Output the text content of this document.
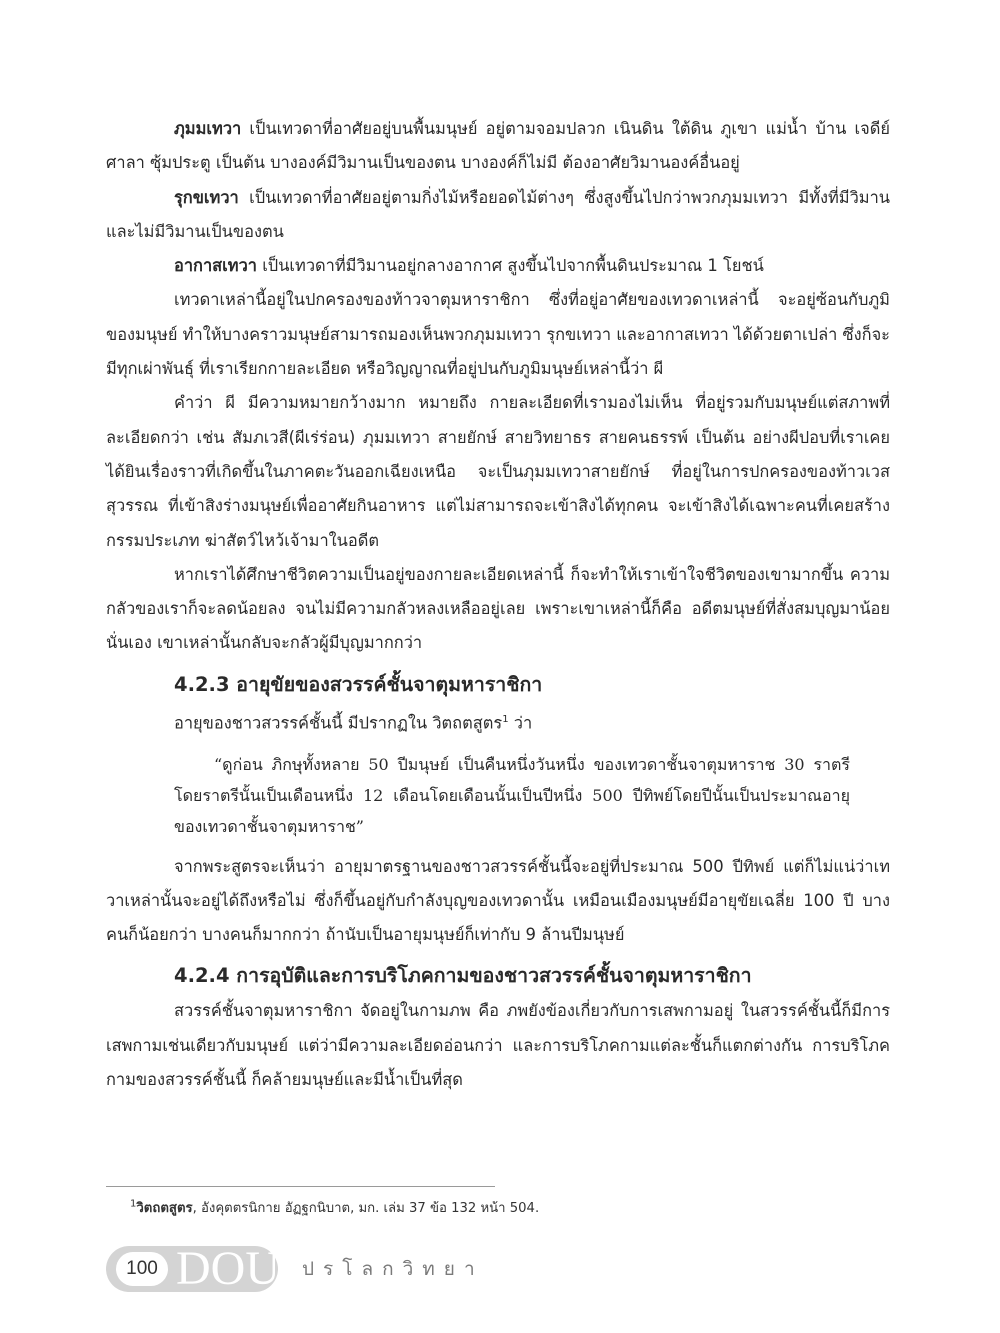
ภุมมเทวา เป็นเทวดาที่อาศัยอยู่บนพื้นมนุษย์ อยู่ตามจอมปลวก เนินดิน ใต้ดิน ภูเขา แม่น้ำ บ้าน เจดีย์ ศาลา ซุ้มประตู เป็นต้น บางองค์มีวิมานเป็นของตน บางองค์ก็ไม่มี ต้องอาศัยวิมานองค์อื่นอยู่

รุกขเทวา เป็นเทวดาที่อาศัยอยู่ตามกิ่งไม้หรือยอดไม้ต่างๆ ซึ่งสูงขึ้นไปกว่าพวกภุมมเทวา มีทั้งที่มีวิมานและไม่มีวิมานเป็นของตน

อากาสเทวา เป็นเทวดาที่มีวิมานอยู่กลางอากาศ สูงขึ้นไปจากพื้นดินประมาณ 1 โยชน์

เทวดาเหล่านี้อยู่ในปกครองของท้าวจาตุมหาราชิกา ซึ่งที่อยู่อาศัยของเทวดาเหล่านี้ จะอยู่ซ้อนกับภูมิของมนุษย์ ทำให้บางคราวมนุษย์สามารถมองเห็นพวกภุมมเทวา รุกขเทวา และอากาสเทวา ได้ด้วยตาเปล่า ซึ่งก็จะมีทุกเผ่าพันธุ์ ที่เราเรียกกายละเอียด หรือวิญญาณที่อยู่ปนกับภูมิมนุษย์เหล่านี้ว่า ผี

คำว่า ผี มีความหมายกว้างมาก หมายถึง กายละเอียดที่เรามองไม่เห็น ที่อยู่รวมกับมนุษย์แต่สภาพที่ละเอียดกว่า เช่น สัมภเวสี(ผีเร่ร่อน) ภุมมเทวา สายยักษ์ สายวิทยาธร สายคนธรรพ์ เป็นต้น อย่างผีปอบที่เราเคยได้ยินเรื่องราวที่เกิดขึ้นในภาคตะวันออกเฉียงเหนือ จะเป็นภุมมเทวาสายยักษ์ ที่อยู่ในการปกครองของท้าวเวสสุวรรณ ที่เข้าสิงร่างมนุษย์เพื่ออาศัยกินอาหาร แต่ไม่สามารถจะเข้าสิงได้ทุกคน จะเข้าสิงได้เฉพาะคนที่เคยสร้างกรรมประเภท ฆ่าสัตว์ไหว้เจ้ามาในอดีต

หากเราได้ศึกษาชีวิตความเป็นอยู่ของกายละเอียดเหล่านี้ ก็จะทำให้เราเข้าใจชีวิตของเขามากขึ้น ความกลัวของเราก็จะลดน้อยลง จนไม่มีความกลัวหลงเหลืออยู่เลย เพราะเขาเหล่านี้ก็คือ อดีตมนุษย์ที่สั่งสมบุญมาน้อยนั่นเอง เขาเหล่านั้นกลับจะกลัวผู้มีบุญมากกว่า

4.2.3 อายุขัยของสวรรค์ชั้นจาตุมหาราชิกา

อายุของชาวสวรรค์ชั้นนี้ มีปรากฏใน วิตถตสูตร$^1$ ว่า

“ดูก่อน ภิกษุทั้งหลาย 50 ปีมนุษย์ เป็นคืนหนึ่งวันหนึ่ง ของเทวดาชั้นจาตุมหาราช 30 ราตรีโดยราตรีนั้นเป็นเดือนหนึ่ง 12 เดือนโดยเดือนนั้นเป็นปีหนึ่ง 500 ปีทิพย์โดยปีนั้นเป็นประมาณอายุของเทวดาชั้นจาตุมหาราช”

จากพระสูตรจะเห็นว่า อายุมาตรฐานของชาวสวรรค์ชั้นนี้จะอยู่ที่ประมาณ 500 ปีทิพย์ แต่ก็ไม่แน่ว่าเทวาเหล่านั้นจะอยู่ได้ถึงหรือไม่ ซึ่งก็ขึ้นอยู่กับกำลังบุญของเทวดานั้น เหมือนเมืองมนุษย์มีอายุขัยเฉลี่ย 100 ปี บางคนก็น้อยกว่า บางคนก็มากกว่า ถ้านับเป็นอายุมนุษย์ก็เท่ากับ 9 ล้านปีมนุษย์

4.2.4 การอุบัติและการบริโภคกามของชาวสวรรค์ชั้นจาตุมหาราชิกา

สวรรค์ชั้นจาตุมหาราชิกา จัดอยู่ในกามภพ คือ ภพยังข้องเกี่ยวกับการเสพกามอยู่ ในสวรรค์ชั้นนี้ก็มีการเสพกามเช่นเดียวกับมนุษย์ แต่ว่ามีความละเอียดอ่อนกว่า และการบริโภคกามแต่ละชั้นก็แตกต่างกัน การบริโภคกามของสวรรค์ชั้นนี้ ก็คล้ายมนุษย์และมีน้ำเป็นที่สุด

$^1$วิตถตสูตร, อังคุตตรนิกาย อัฏฐกนิบาต, มก. เล่ม 37 ข้อ 132 หน้า 504.
100 DOU ปรโลกวิทยา
